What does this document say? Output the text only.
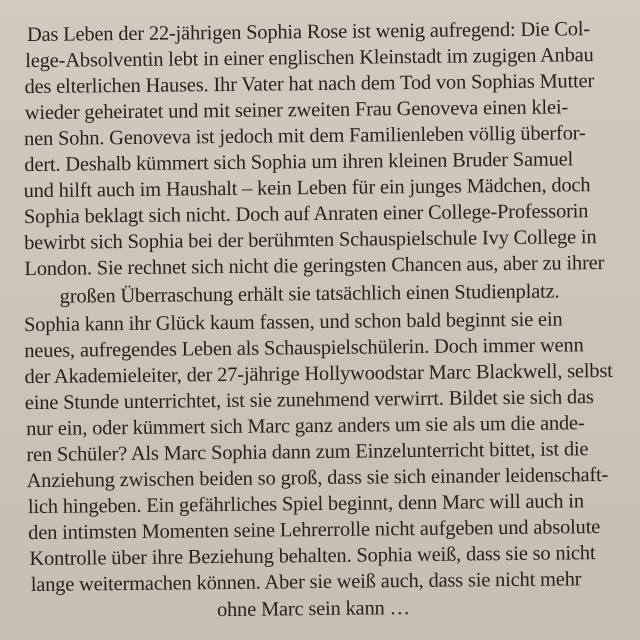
Das Leben der 22-jährigen Sophia Rose ist wenig aufregend: Die Col-
lege-Absolventin lebt in einer englischen Kleinstadt im zugigen Anbau
des elterlichen Hauses. Ihr Vater hat nach dem Tod von Sophias Mutter
wieder geheiratet und mit seiner zweiten Frau Genoveva einen klei-
nen Sohn. Genoveva ist jedoch mit dem Familienleben völlig überfor-
dert. Deshalb kümmert sich Sophia um ihren kleinen Bruder Samuel
und hilft auch im Haushalt – kein Leben für ein junges Mädchen, doch
Sophia beklagt sich nicht. Doch auf Anraten einer College-Professorin
bewirbt sich Sophia bei der berühmten Schauspielschule Ivy College in
London. Sie rechnet sich nicht die geringsten Chancen aus, aber zu ihrer
großen Überraschung erhält sie tatsächlich einen Studienplatz.
Sophia kann ihr Glück kaum fassen, und schon bald beginnt sie ein
neues, aufregendes Leben als Schauspielschülerin. Doch immer wenn
der Akademieleiter, der 27-jährige Hollywoodstar Marc Blackwell, selbst
eine Stunde unterrichtet, ist sie zunehmend verwirrt. Bildet sie sich das
nur ein, oder kümmert sich Marc ganz anders um sie als um die ande-
ren Schüler? Als Marc Sophia dann zum Einzelunterricht bittet, ist die
Anziehung zwischen beiden so groß, dass sie sich einander leidenschaft-
lich hingeben. Ein gefährliches Spiel beginnt, denn Marc will auch in
den intimsten Momenten seine Lehrerrolle nicht aufgeben und absolute
Kontrolle über ihre Beziehung behalten. Sophia weiß, dass sie so nicht
lange weitermachen können. Aber sie weiß auch, dass sie nicht mehr
ohne Marc sein kann …
